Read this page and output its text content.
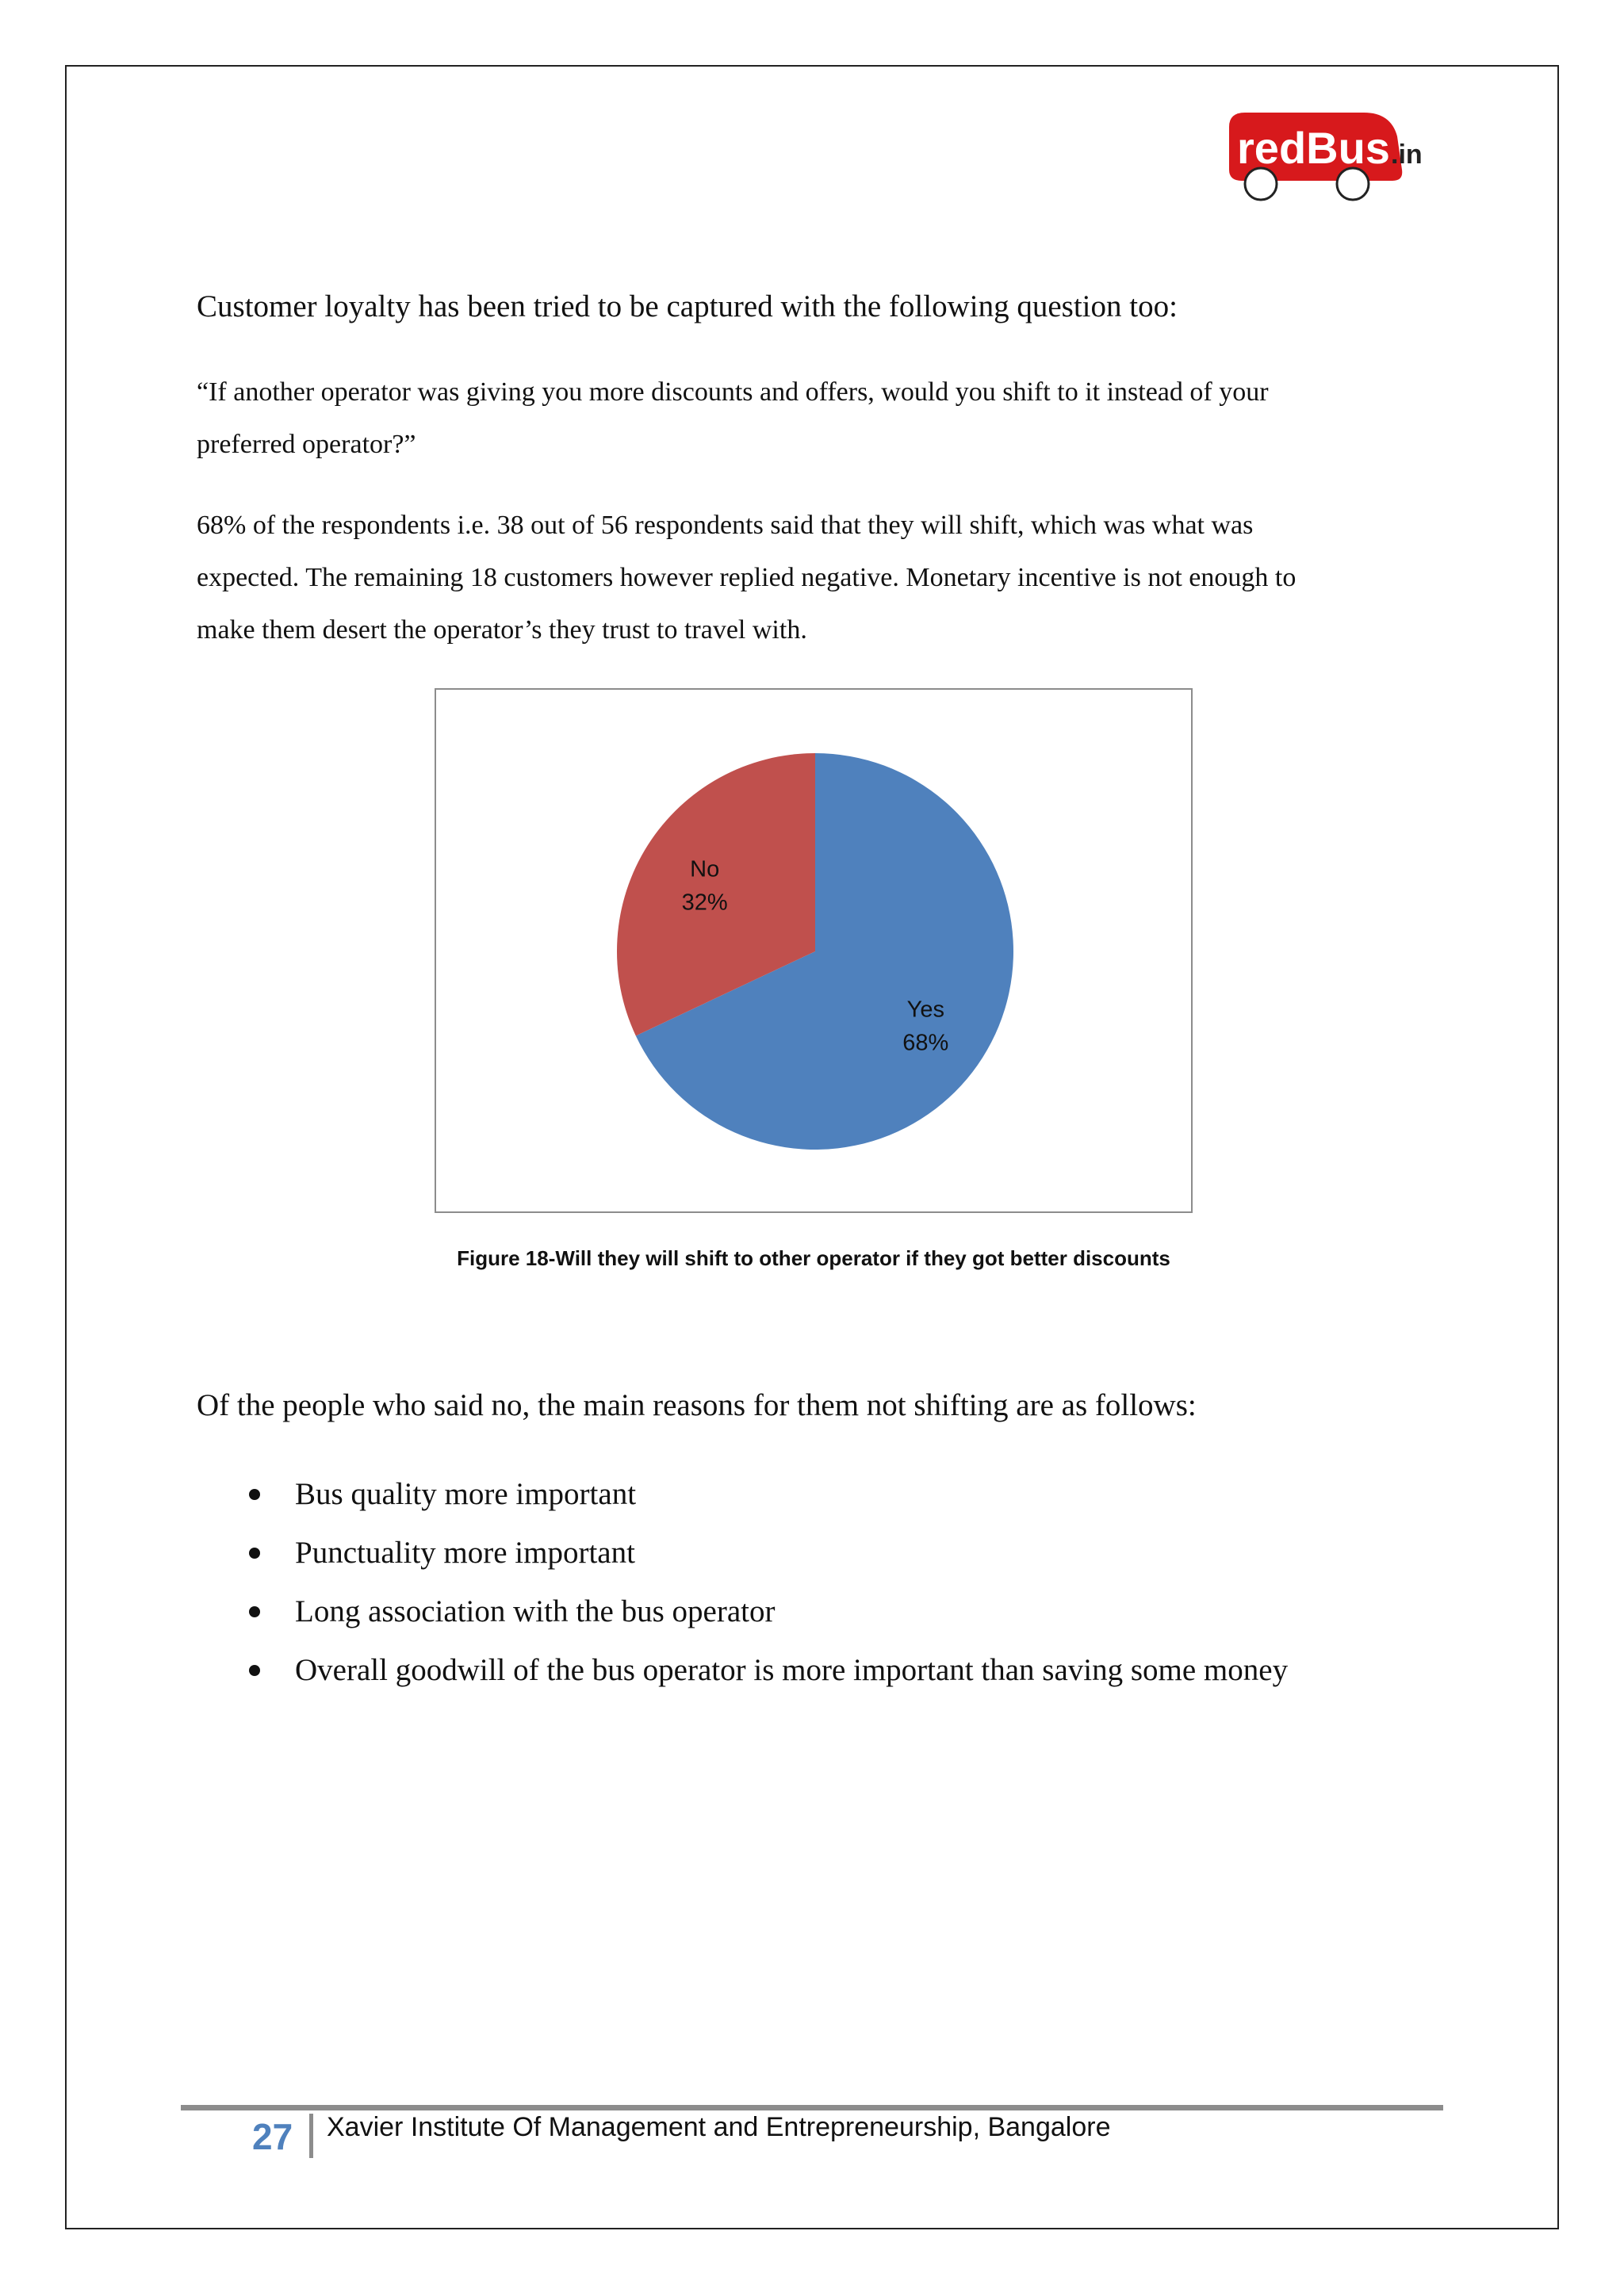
redBus .in

Customer loyalty has been tried to be captured with the following question too:

“If another operator was giving you more discounts and offers, would you shift to it instead of your

preferred operator?”

68% of the respondents i.e. 38 out of 56 respondents said that they will shift, which was what was

expected. The remaining 18 customers however replied negative. Monetary incentive is not enough to

make them desert the operator’s they trust to travel with.

Yes
68%
No
32%
Figure 18-Will they will shift to other operator if they got better discounts

Of the people who said no, the main reasons for them not shifting are as follows:

Bus quality more important
Punctuality more important
Long association with the bus operator
Overall goodwill of the bus operator is more important than saving some money
27 Xavier Institute Of Management and Entrepreneurship, Bangalore
